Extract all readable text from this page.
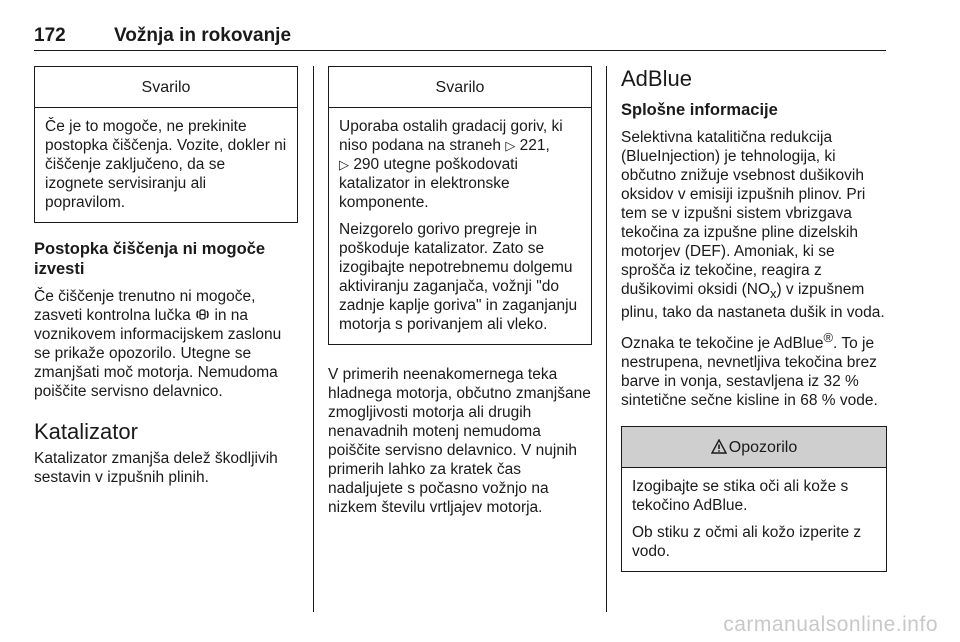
172	Vožnja in rokovanje
Svarilo

Če je to mogoče, ne prekinite postopka čiščenja. Vozite, dokler ni čiščenje zaključeno, da se izognete servisiranju ali popravilom.

Postopka čiščenja ni mogoče izvesti

Če čiščenje trenutno ni mogoče, zasveti kontrolna lučka in na voznikovem informacijskem zaslonu se prikaže opozorilo. Utegne se zmanjšati moč motorja. Nemudoma poiščite servisno delavnico.

Katalizator

Katalizator zmanjša delež škodljivih sestavin v izpušnih plinih.

Svarilo

Uporaba ostalih gradacij goriv, ki niso podana na straneh ▷ 221,
▷ 290 utegne poškodovati katalizator in elektronske komponente.

Neizgorelo gorivo pregreje in poškoduje katalizator. Zato se izogibajte nepotrebnemu dolgemu aktiviranju zaganjača, vožnji "do zadnje kaplje goriva" in zaganjanju motorja s porivanjem ali vleko.

V primerih neenakomernega teka hladnega motorja, občutno zmanjšane zmogljivosti motorja ali drugih nenavadnih motenj nemudoma poiščite servisno delavnico. V nujnih primerih lahko za kratek čas nadaljujete s počasno vožnjo na nizkem številu vrtljajev motorja.

AdBlue
Splošne informacije

Selektivna katalitična redukcija (BlueInjection) je tehnologija, ki občutno znižuje vsebnost dušikovih oksidov v emisiji izpušnih plinov. Pri tem se v izpušni sistem vbrizgava tekočina za izpušne pline dizelskih motorjev (DEF). Amoniak, ki se sprošča iz tekočine, reagira z dušikovimi oksidi $(NO_x)$ v izpušnem plinu, tako da nastaneta dušik in voda.

Oznaka te tekočine je AdBlue®. To je nestrupena, nevnetljiva tekočina brez barve in vonja, sestavljena iz 32 % sintetične sečne kisline in 68 % vode.

Opozorilo

Izogibajte se stika oči ali kože s tekočino AdBlue.

Ob stiku z očmi ali kožo izperite z vodo.

carmanualsonline.info
